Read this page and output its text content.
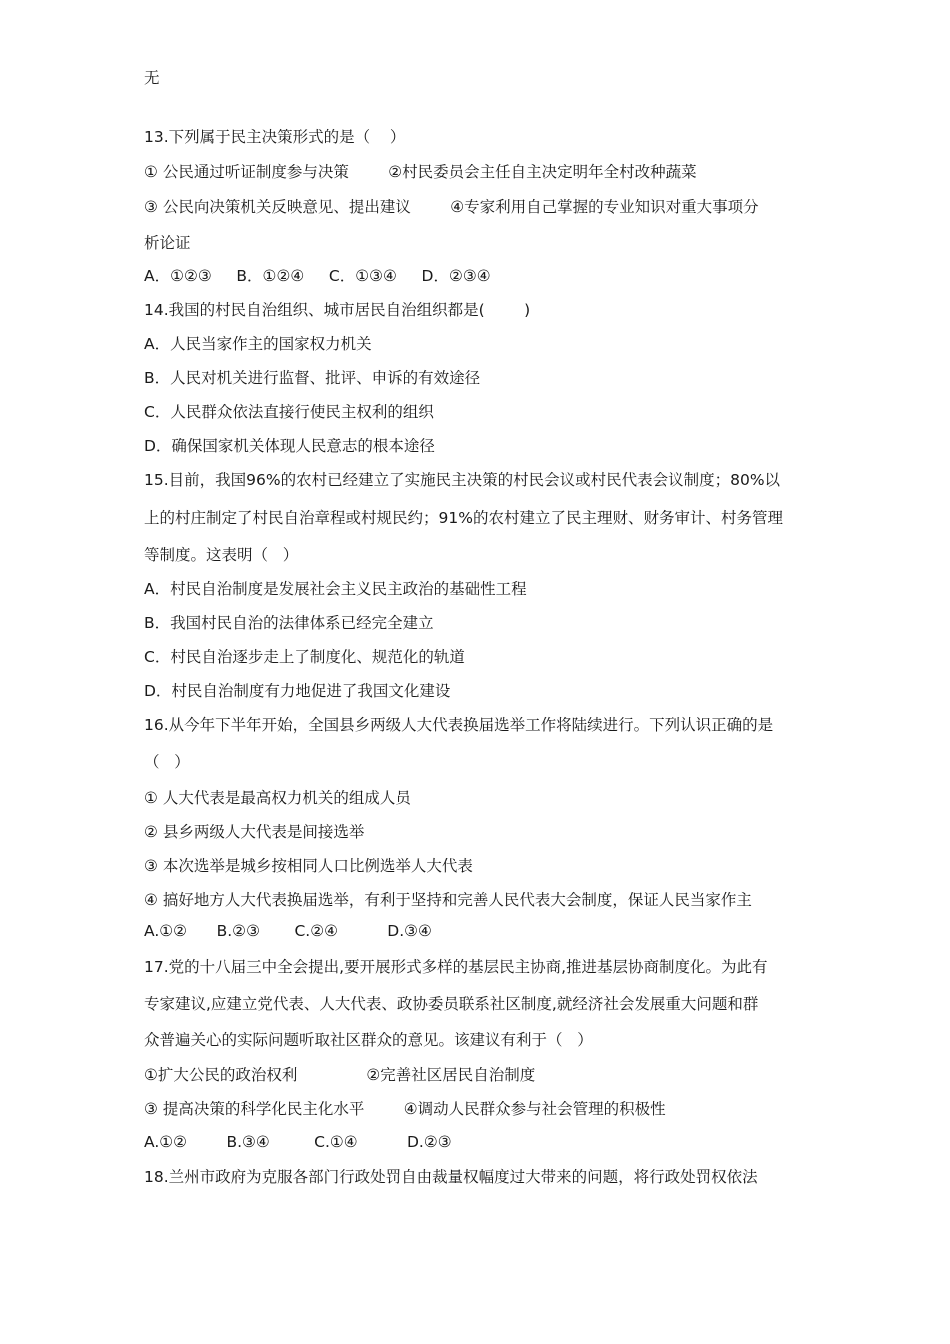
无
13.下列属于民主决策形式的是（    ）
① 公民通过听证制度参与决策        ②村民委员会主任自主决定明年全村改种蔬菜
③ 公民向决策机关反映意见、提出建议        ④专家利用自己掌握的专业知识对重大事项分
析论证
A．①②③     B．①②④     C．①③④     D．②③④
14.我国的村民自治组织、城市居民自治组织都是(        )
A．人民当家作主的国家权力机关
B．人民对机关进行监督、批评、申诉的有效途径
C．人民群众依法直接行使民主权利的组织
D．确保国家机关体现人民意志的根本途径
15.目前，我国96%的农村已经建立了实施民主决策的村民会议或村民代表会议制度；80%以
上的村庄制定了村民自治章程或村规民约；91%的农村建立了民主理财、财务审计、村务管理
等制度。这表明（   ）
A．村民自治制度是发展社会主义民主政治的基础性工程
B．我国村民自治的法律体系已经完全建立
C．村民自治逐步走上了制度化、规范化的轨道
D．村民自治制度有力地促进了我国文化建设
16.从今年下半年开始，全国县乡两级人大代表换届选举工作将陆续进行。下列认识正确的是
（   ）
① 人大代表是最高权力机关的组成人员
② 县乡两级人大代表是间接选举
③ 本次选举是城乡按相同人口比例选举人大代表
④ 搞好地方人大代表换届选举，有利于坚持和完善人民代表大会制度，保证人民当家作主
A.①②      B.②③       C.②④          D.③④
17.党的十八届三中全会提出,要开展形式多样的基层民主协商,推进基层协商制度化。为此有
专家建议,应建立党代表、人大代表、政协委员联系社区制度,就经济社会发展重大问题和群
众普遍关心的实际问题听取社区群众的意见。该建议有利于（   ）
①扩大公民的政治权利              ②完善社区居民自治制度
③ 提高决策的科学化民主化水平        ④调动人民群众参与社会管理的积极性
A.①②        B.③④         C.①④          D.②③
18.兰州市政府为克服各部门行政处罚自由裁量权幅度过大带来的问题，将行政处罚权依法
